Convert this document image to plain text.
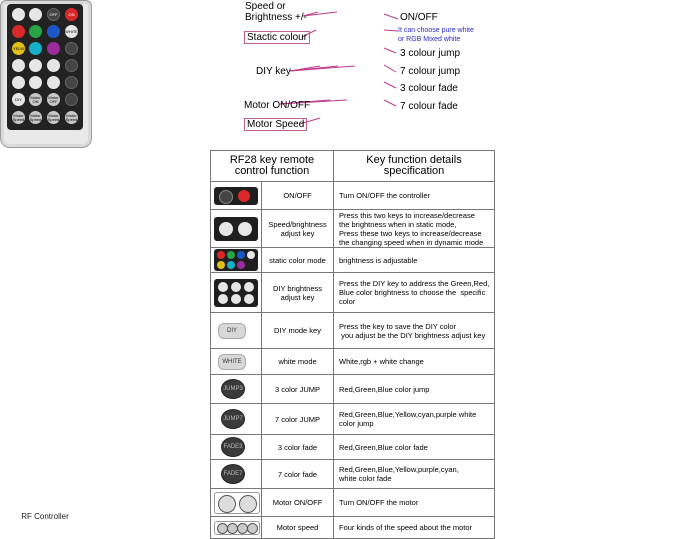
OFF	ON
WHITE
YELW
DIY	Motor ON
Motor OFF
Motor Speed
Motor Speed
Motor Speed
Motor Speed
RF Controller
Speed or
Brightness +/-
Stactic colour
DIY key
Motor ON/OFF
Motor Speed
ON/OFF
It can choose pure white
or RGB Mixed white
3 colour jump
7 colour jump
3 colour fade
7 colour fade
RF28 key remote
control function		Key function details
specification

	ON/OFF	Turn ON/OFF the controller

	Speed/brightness
adjust key	Press this two keys to increase/decrease
the brightness when in static mode,
Press these two keys to increase/decrease
the changing speed when in dynamic mode

	static color mode	brightness is adjustable

	DIY brightness
adjust key	Press the DIY key to address the Green,Red,
Blue color brightness to choose the  specific
color

DIY	DIY mode key	Press the key to save the DIY color
you adjust be the DIY brightness adjust key

WHITE	white mode	White,rgb + white change

JUMP3	3 color JUMP	Red,Green,Blue color jump

JUMP7	7 color JUMP	Red,Green,Blue,Yellow,cyan,purple white
color jump

FADE3	3 color fade	Red,Green,Blue color fade

FADE7	7 color fade	Red,Green,Blue,Yellow,purple,cyan,
white color fade

	Motor ON/OFF	Turn ON/OFF the motor

	Motor speed	Four kinds of the speed about the motor
